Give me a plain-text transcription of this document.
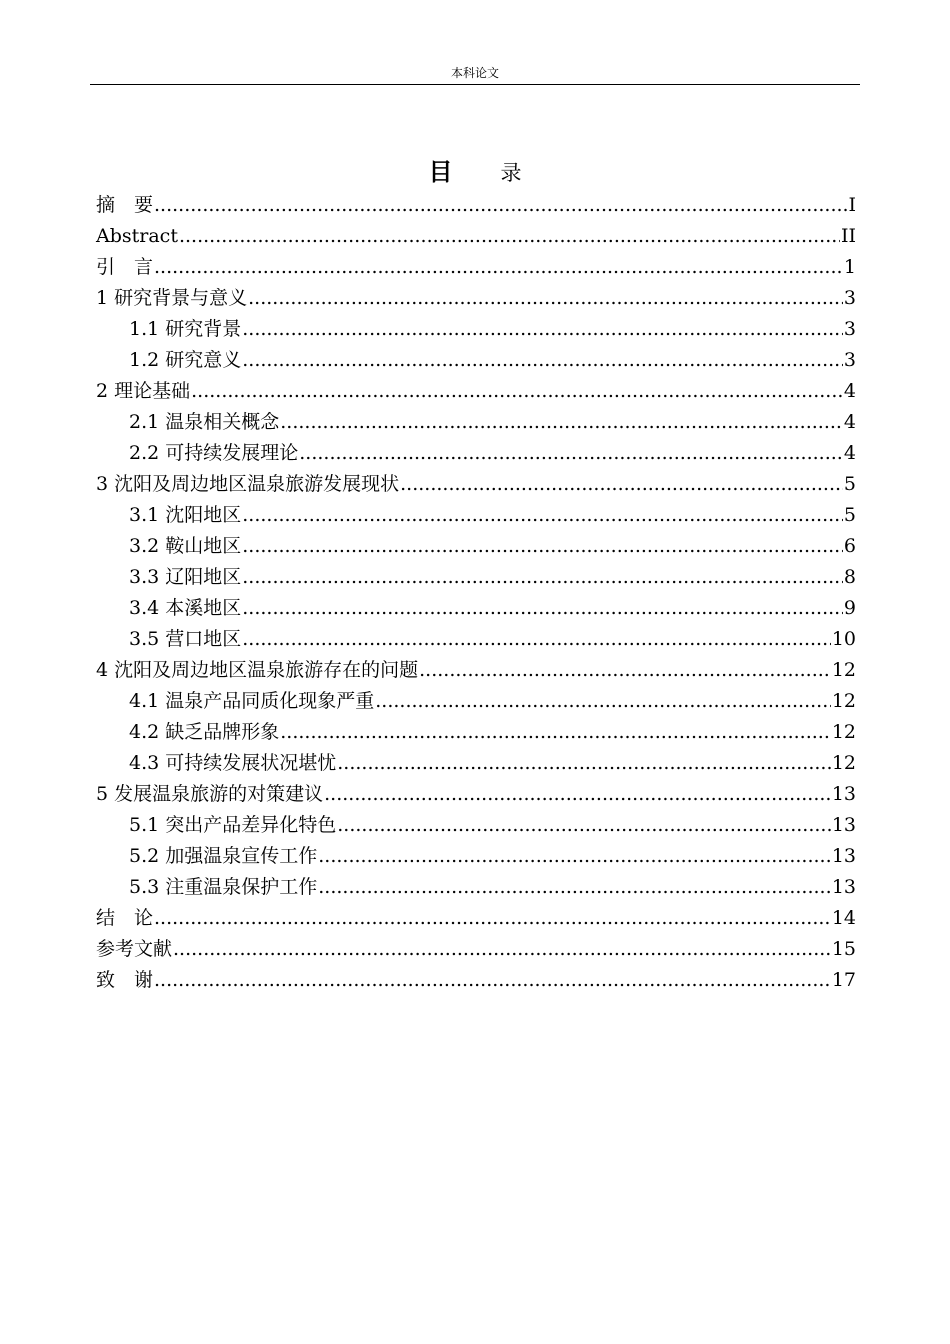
本科论文
目 录
摘　要 .....	I
Abstract .....	II
引　言 .....	1
1 研究背景与意义 .....	3
1.1 研究背景 .....	3
1.2 研究意义 .....	3
2 理论基础 .....	4
2.1 温泉相关概念 .....	4
2.2 可持续发展理论 .....	4
3 沈阳及周边地区温泉旅游发展现状 .....	5
3.1 沈阳地区 .....	5
3.2 鞍山地区 .....	6
3.3 辽阳地区 .....	8
3.4 本溪地区 .....	9
3.5 营口地区 .....	10
4 沈阳及周边地区温泉旅游存在的问题 .....	12
4.1 温泉产品同质化现象严重 .....	12
4.2 缺乏品牌形象 .....	12
4.3 可持续发展状况堪忧 .....	12
5 发展温泉旅游的对策建议 .....	13
5.1 突出产品差异化特色 .....	13
5.2 加强温泉宣传工作 .....	13
5.3 注重温泉保护工作 .....	13
结　论 .....	14
参考文献 .....	15
致　谢 .....	17
